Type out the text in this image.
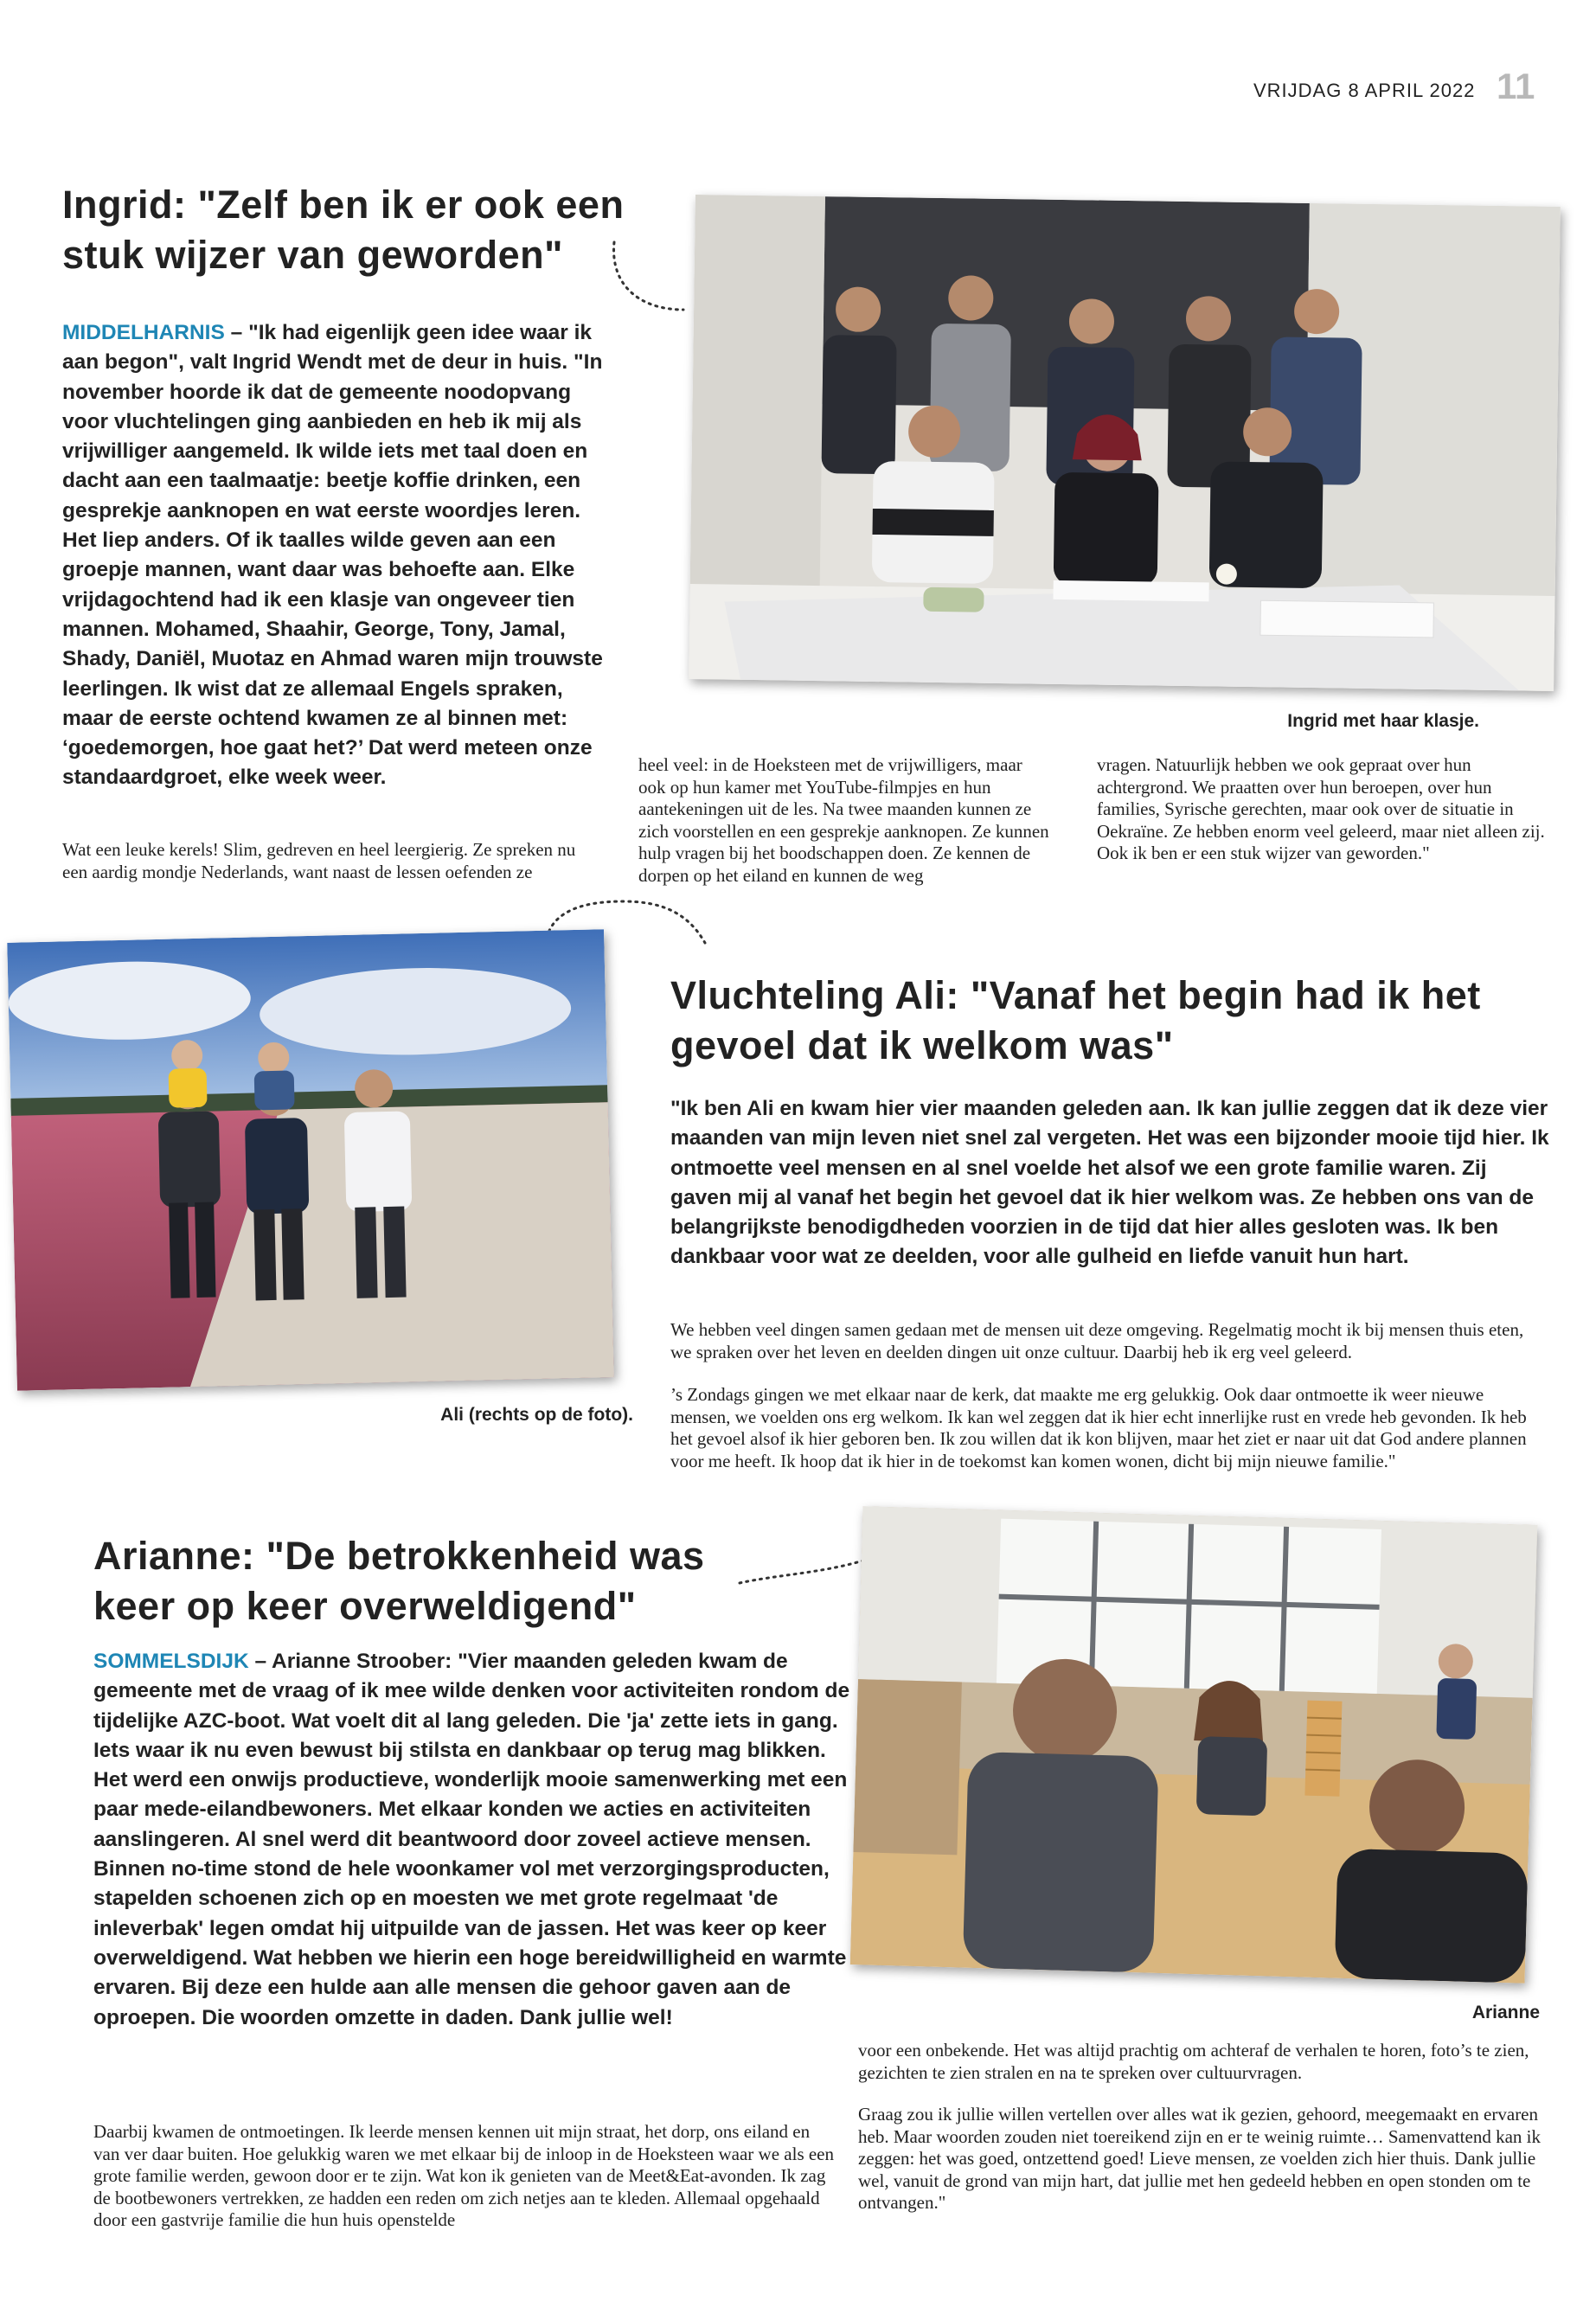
VRIJDAG 8 APRIL 2022 11
Ingrid: "Zelf ben ik er ook een stuk wijzer van geworden"

MIDDELHARNIS – "Ik had eigenlijk geen idee waar ik aan begon", valt Ingrid Wendt met de deur in huis. "In november hoorde ik dat de gemeente noodopvang voor vluchtelingen ging aanbieden en heb ik mij als vrijwilliger aangemeld. Ik wilde iets met taal doen en dacht aan een taalmaatje: beetje koffie drinken, een gesprekje aanknopen en wat eerste woordjes leren. Het liep anders. Of ik taalles wilde geven aan een groepje mannen, want daar was behoefte aan. Elke vrijdagochtend had ik een klasje van ongeveer tien mannen. Mohamed, Shaahir, George, Tony, Jamal, Shady, Daniël, Muotaz en Ahmad waren mijn trouwste leerlingen. Ik wist dat ze allemaal Engels spraken, maar de eerste ochtend kwamen ze al binnen met: ‘goedemorgen, hoe gaat het?’ Dat werd meteen onze standaardgroet, elke week weer.

Wat een leuke kerels! Slim, gedreven en heel leergierig. Ze spreken nu een aardig mondje Nederlands, want naast de lessen oefenden ze

heel veel: in de Hoeksteen met de vrijwilligers, maar ook op hun kamer met YouTube-filmpjes en hun aantekeningen uit de les. Na twee maanden kunnen ze zich voorstellen en een gesprekje aanknopen. Ze kunnen hulp vragen bij het boodschappen doen. Ze kennen de dorpen op het eiland en kunnen de weg

vragen. Natuurlijk hebben we ook gepraat over hun achtergrond. We praatten over hun beroepen, over hun families, Syrische gerechten, maar ook over de situatie in Oekraïne. Ze hebben enorm veel geleerd, maar niet alleen zij. Ook ik ben er een stuk wijzer van geworden."

Ingrid met haar klasje.
Ali (rechts op de foto).
Vluchteling Ali: "Vanaf het begin had ik het gevoel dat ik welkom was"

"Ik ben Ali en kwam hier vier maanden geleden aan. Ik kan jullie zeggen dat ik deze vier maanden van mijn leven niet snel zal vergeten. Het was een bijzonder mooie tijd hier. Ik ontmoette veel mensen en al snel voelde het alsof we een grote familie waren. Zij gaven mij al vanaf het begin het gevoel dat ik hier welkom was. Ze hebben ons van de belangrijkste benodigdheden voorzien in de tijd dat hier alles gesloten was. Ik ben dankbaar voor wat ze deelden, voor alle gulheid en liefde vanuit hun hart.

We hebben veel dingen samen gedaan met de mensen uit deze omgeving. Regelmatig mocht ik bij mensen thuis eten, we spraken over het leven en deelden dingen uit onze cultuur. Daarbij heb ik erg veel geleerd.

’s Zondags gingen we met elkaar naar de kerk, dat maakte me erg gelukkig. Ook daar ontmoette ik weer nieuwe mensen, we voelden ons erg welkom. Ik kan wel zeggen dat ik hier echt innerlijke rust en vrede heb gevonden. Ik heb het gevoel alsof ik hier geboren ben. Ik zou willen dat ik kon blijven, maar het ziet er naar uit dat God andere plannen voor me heeft. Ik hoop dat ik hier in de toekomst kan komen wonen, dicht bij mijn nieuwe familie."

Arianne: "De betrokkenheid was keer op keer overweldigend"

SOMMELSDIJK – Arianne Stroober: "Vier maanden geleden kwam de gemeente met de vraag of ik mee wilde denken voor activiteiten rondom de tijdelijke AZC-boot. Wat voelt dit al lang geleden. Die 'ja' zette iets in gang. Iets waar ik nu even bewust bij stilsta en dankbaar op terug mag blikken. Het werd een onwijs productieve, wonderlijk mooie samenwerking met een paar mede-eilandbewoners. Met elkaar konden we acties en activiteiten aanslingeren. Al snel werd dit beantwoord door zoveel actieve mensen. Binnen no-time stond de hele woonkamer vol met verzorgingsproducten, stapelden schoenen zich op en moesten we met grote regelmaat 'de inleverbak' legen omdat hij uitpuilde van de jassen. Het was keer op keer overweldigend. Wat hebben we hierin een hoge bereidwilligheid en warmte ervaren. Bij deze een hulde aan alle mensen die gehoor gaven aan de oproepen. Die woorden omzette in daden. Dank jullie wel!

Daarbij kwamen de ontmoetingen. Ik leerde mensen kennen uit mijn straat, het dorp, ons eiland en van ver daar buiten. Hoe gelukkig waren we met elkaar bij de inloop in de Hoeksteen waar we als een grote familie werden, gewoon door er te zijn. Wat kon ik genieten van de Meet&Eat-avonden. Ik zag de bootbewoners vertrekken, ze hadden een reden om zich netjes aan te kleden. Allemaal opgehaald door een gastvrije familie die hun huis openstelde

voor een onbekende. Het was altijd prachtig om achteraf de verhalen te horen, foto’s te zien, gezichten te zien stralen en na te spreken over cultuurvragen.

Graag zou ik jullie willen vertellen over alles wat ik gezien, gehoord, meegemaakt en ervaren heb. Maar woorden zouden niet toereikend zijn en er te weinig ruimte… Samenvattend kan ik zeggen: het was goed, ontzettend goed! Lieve mensen, ze voelden zich hier thuis. Dank jullie wel, vanuit de grond van mijn hart, dat jullie met hen gedeeld hebben en open stonden om te ontvangen."

Arianne
